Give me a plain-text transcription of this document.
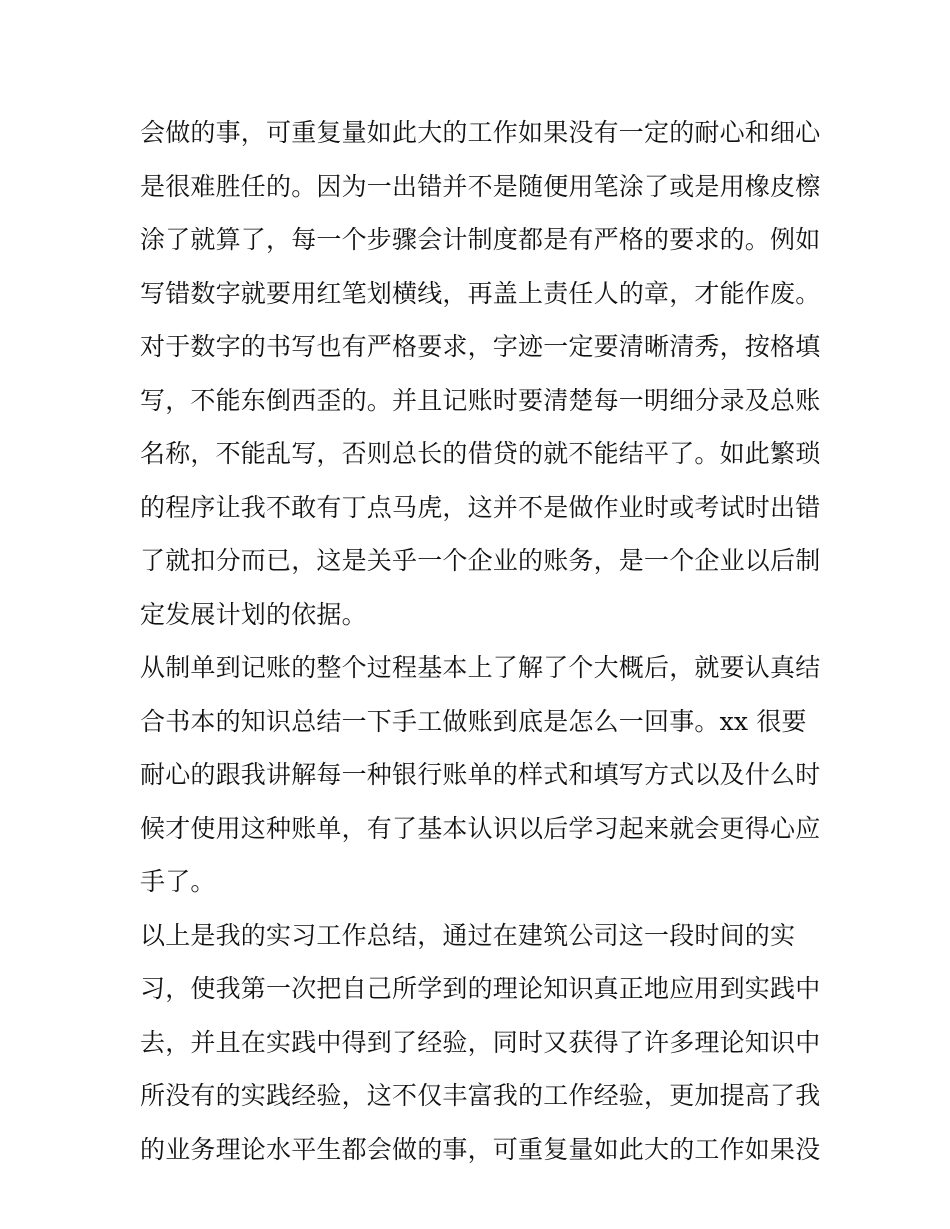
会做的事，可重复量如此大的工作如果没有一定的耐心和细心
是很难胜任的。因为一出错并不是随便用笔涂了或是用橡皮檫
涂了就算了，每一个步骤会计制度都是有严格的要求的。例如
写错数字就要用红笔划横线，再盖上责任人的章，才能作废。
对于数字的书写也有严格要求，字迹一定要清晰清秀，按格填
写，不能东倒西歪的。并且记账时要清楚每一明细分录及总账
名称，不能乱写，否则总长的借贷的就不能结平了。如此繁琐
的程序让我不敢有丁点马虎，这并不是做作业时或考试时出错
了就扣分而已，这是关乎一个企业的账务，是一个企业以后制
定发展计划的依据。
从制单到记账的整个过程基本上了解了个大概后，就要认真结
合书本的知识总结一下手工做账到底是怎么一回事。xx 很要
耐心的跟我讲解每一种银行账单的样式和填写方式以及什么时
候才使用这种账单，有了基本认识以后学习起来就会更得心应
手了。
以上是我的实习工作总结，通过在建筑公司这一段时间的实
习，使我第一次把自己所学到的理论知识真正地应用到实践中
去，并且在实践中得到了经验，同时又获得了许多理论知识中
所没有的实践经验，这不仅丰富我的工作经验，更加提高了我
的业务理论水平生都会做的事，可重复量如此大的工作如果没
